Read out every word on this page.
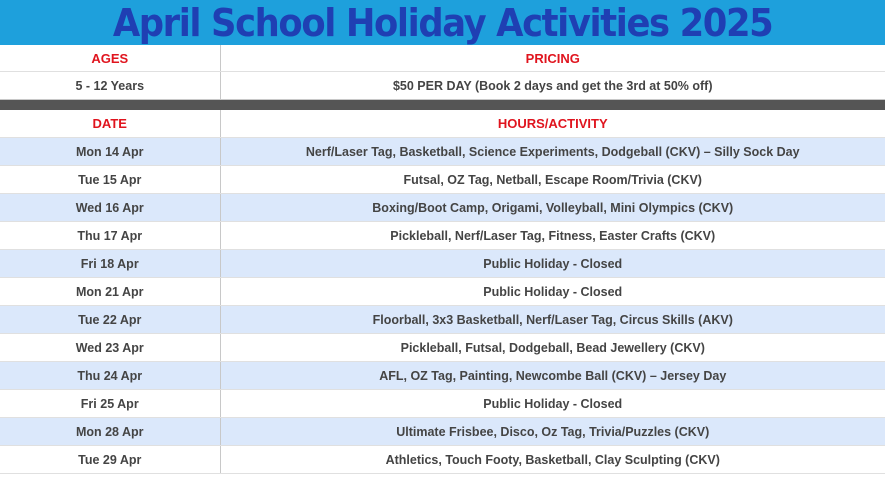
April School Holiday Activities 2025
AGES	PRICING
5 - 12 Years	$50 PER DAY (Book 2 days and get the 3rd at 50% off)
DATE	HOURS/ACTIVITY
Mon 14 Apr	Nerf/Laser Tag, Basketball, Science Experiments, Dodgeball (CKV) – Silly Sock Day
Tue 15 Apr	Futsal, OZ Tag, Netball, Escape Room/Trivia (CKV)
Wed 16 Apr	Boxing/Boot Camp, Origami, Volleyball, Mini Olympics (CKV)
Thu 17 Apr	Pickleball, Nerf/Laser Tag, Fitness, Easter Crafts (CKV)
Fri 18 Apr	Public Holiday - Closed
Mon 21 Apr	Public Holiday - Closed
Tue 22 Apr	Floorball, 3x3 Basketball, Nerf/Laser Tag, Circus Skills (AKV)
Wed 23 Apr	Pickleball, Futsal, Dodgeball, Bead Jewellery (CKV)
Thu 24 Apr	AFL, OZ Tag, Painting, Newcombe Ball (CKV) – Jersey Day
Fri 25 Apr	Public Holiday - Closed
Mon 28 Apr	Ultimate Frisbee, Disco, Oz Tag, Trivia/Puzzles (CKV)
Tue 29 Apr	Athletics, Touch Footy, Basketball, Clay Sculpting (CKV)
